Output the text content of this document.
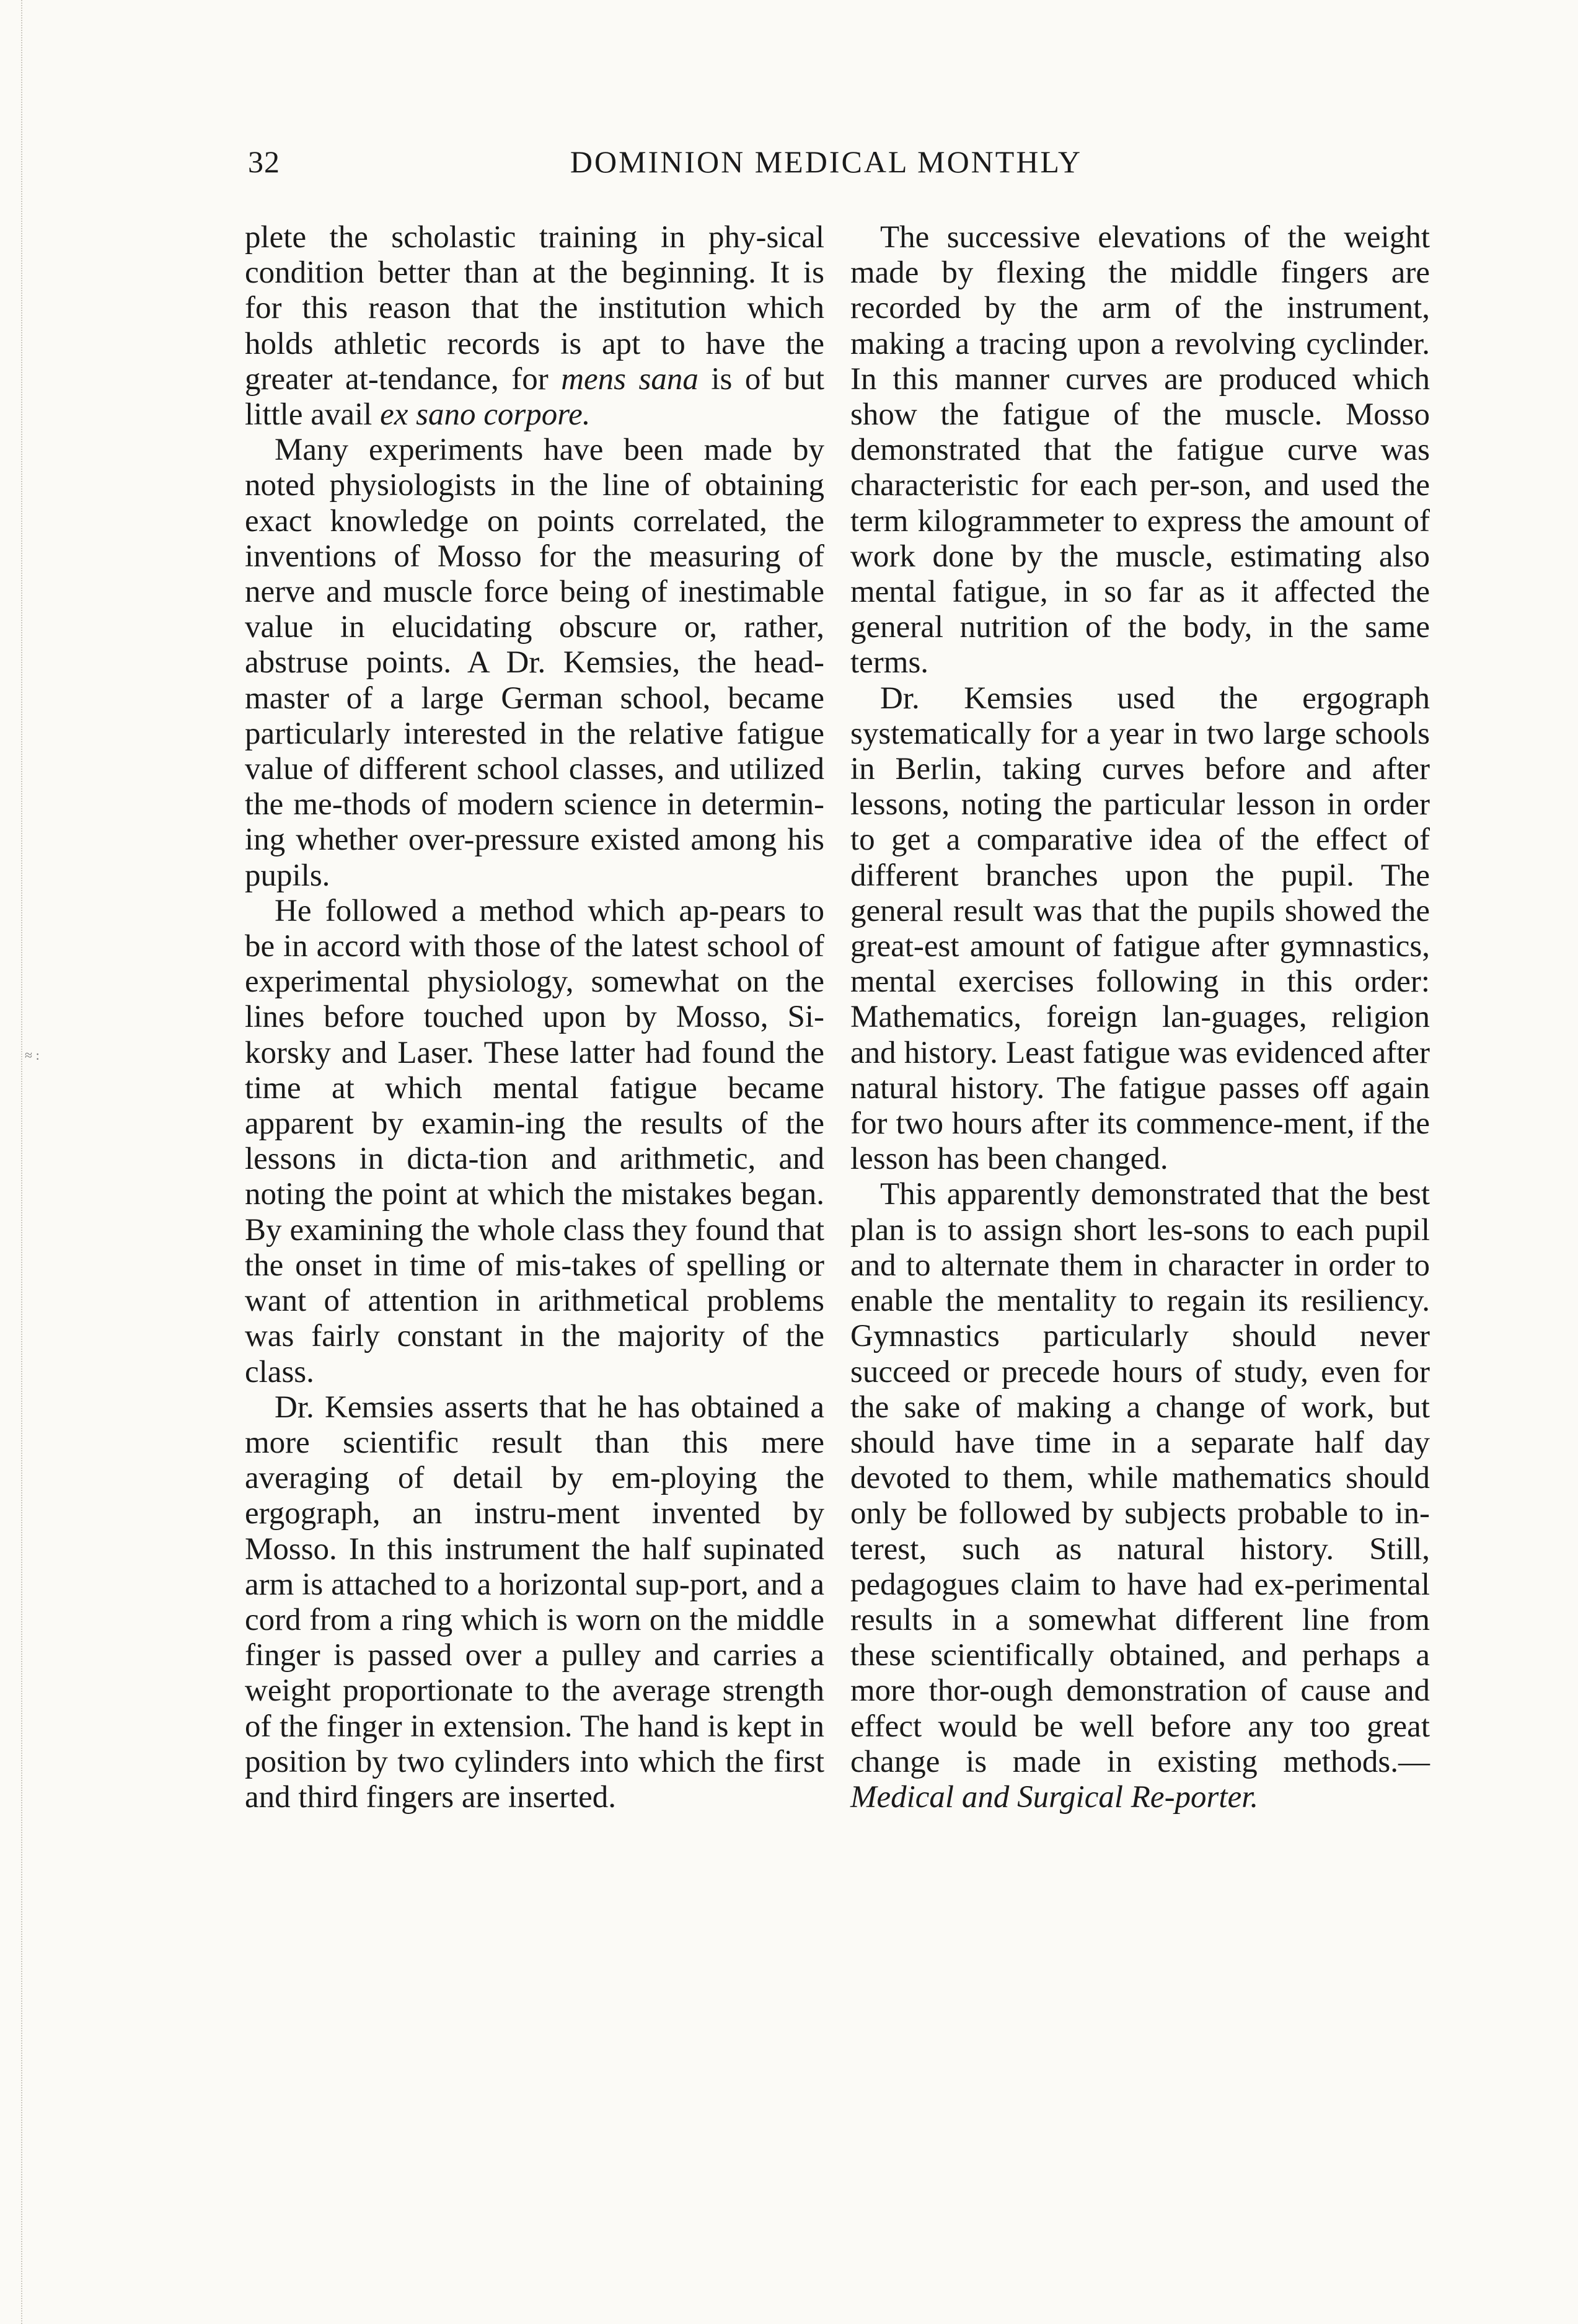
≈ :
32	DOMINION MEDICAL MONTHLY

plete the scholastic training in phy-sical condition better than at the beginning. It is for this reason that the institution which holds athletic records is apt to have the greater at-tendance, for mens sana is of but little avail ex sano corpore.

Many experiments have been made by noted physiologists in the line of obtaining exact knowledge on points correlated, the inventions of Mosso for the measuring of nerve and muscle force being of inestimable value in elucidating obscure or, rather, abstruse points. A Dr. Kemsies, the head-master of a large German school, became particularly interested in the relative fatigue value of different school classes, and utilized the me-thods of modern science in determin-ing whether over-pressure existed among his pupils.

He followed a method which ap-pears to be in accord with those of the latest school of experimental physiology, somewhat on the lines before touched upon by Mosso, Si-korsky and Laser. These latter had found the time at which mental fatigue became apparent by examin-ing the results of the lessons in dicta-tion and arithmetic, and noting the point at which the mistakes began. By examining the whole class they found that the onset in time of mis-takes of spelling or want of attention in arithmetical problems was fairly constant in the majority of the class.

Dr. Kemsies asserts that he has obtained a more scientific result than this mere averaging of detail by em-ploying the ergograph, an instru-ment invented by Mosso. In this instrument the half supinated arm is attached to a horizontal sup-port, and a cord from a ring which is worn on the middle finger is passed over a pulley and carries a weight proportionate to the average strength of the finger in extension. The hand is kept in position by two cylinders into which the first and third fingers are inserted.

The successive elevations of the weight made by flexing the middle fingers are recorded by the arm of the instrument, making a tracing upon a revolving cyclinder. In this manner curves are produced which show the fatigue of the muscle. Mosso demonstrated that the fatigue curve was characteristic for each per-son, and used the term kilogrammeter to express the amount of work done by the muscle, estimating also mental fatigue, in so far as it affected the general nutrition of the body, in the same terms.

Dr. Kemsies used the ergograph systematically for a year in two large schools in Berlin, taking curves before and after lessons, noting the particular lesson in order to get a comparative idea of the effect of different branches upon the pupil. The general result was that the pupils showed the great-est amount of fatigue after gymnastics, mental exercises following in this order: Mathematics, foreign lan-guages, religion and history. Least fatigue was evidenced after natural history. The fatigue passes off again for two hours after its commence-ment, if the lesson has been changed.

This apparently demonstrated that the best plan is to assign short les-sons to each pupil and to alternate them in character in order to enable the mentality to regain its resiliency. Gymnastics particularly should never succeed or precede hours of study, even for the sake of making a change of work, but should have time in a separate half day devoted to them, while mathematics should only be followed by subjects probable to in-terest, such as natural history. Still, pedagogues claim to have had ex-perimental results in a somewhat different line from these scientifically obtained, and perhaps a more thor-ough demonstration of cause and effect would be well before any too great change is made in existing methods.—Medical and Surgical Re-porter.
